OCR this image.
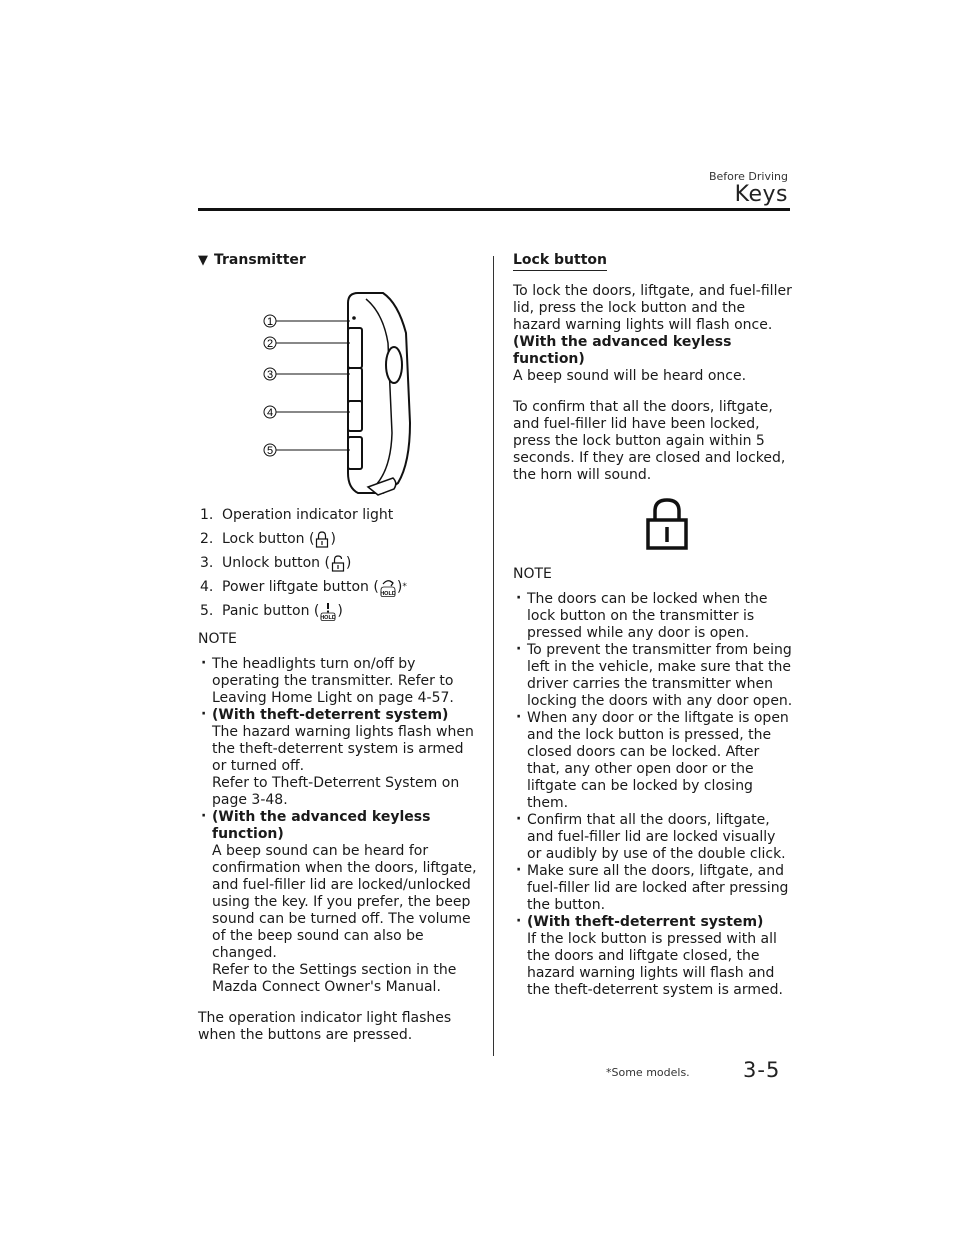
Before Driving
Keys
▼ Transmitter
1
2
3
4
5
1. Operation indicator light
2. Lock button ( )
3. Unlock button ( )
4. Power liftgate button ( HOLD ) *
5. Panic button ( HOLD )
NOTE
· The headlights turn on/off by operating the transmitter. Refer to Leaving Home Light on page 4-57.
· (With theft-deterrent system)
The hazard warning lights flash when the theft-deterrent system is armed or turned off.
Refer to Theft-Deterrent System on page 3-48.
· (With the advanced keyless function)
A beep sound can be heard for confirmation when the doors, liftgate, and fuel-filler lid are locked/unlocked using the key. If you prefer, the beep sound can be turned off. The volume of the beep sound can also be changed.
Refer to the Settings section in the Mazda Connect Owner's Manual.

The operation indicator light flashes when the buttons are pressed.

Lock button

To lock the doors, liftgate, and fuel-filler lid, press the lock button and the hazard warning lights will flash once.
(With the advanced keyless function)
A beep sound will be heard once.

To confirm that all the doors, liftgate, and fuel-filler lid have been locked, press the lock button again within 5 seconds. If they are closed and locked, the horn will sound.

NOTE
· The doors can be locked when the lock button on the transmitter is pressed while any door is open.
· To prevent the transmitter from being left in the vehicle, make sure that the driver carries the transmitter when locking the doors with any door open.
· When any door or the liftgate is open and the lock button is pressed, the closed doors can be locked. After that, any other open door or the liftgate can be locked by closing them.
· Confirm that all the doors, liftgate, and fuel-filler lid are locked visually or audibly by use of the double click.
· Make sure all the doors, liftgate, and fuel-filler lid are locked after pressing the button.
· (With theft-deterrent system)
If the lock button is pressed with all the doors and liftgate closed, the hazard warning lights will flash and the theft-deterrent system is armed.
*Some models.	3-5
